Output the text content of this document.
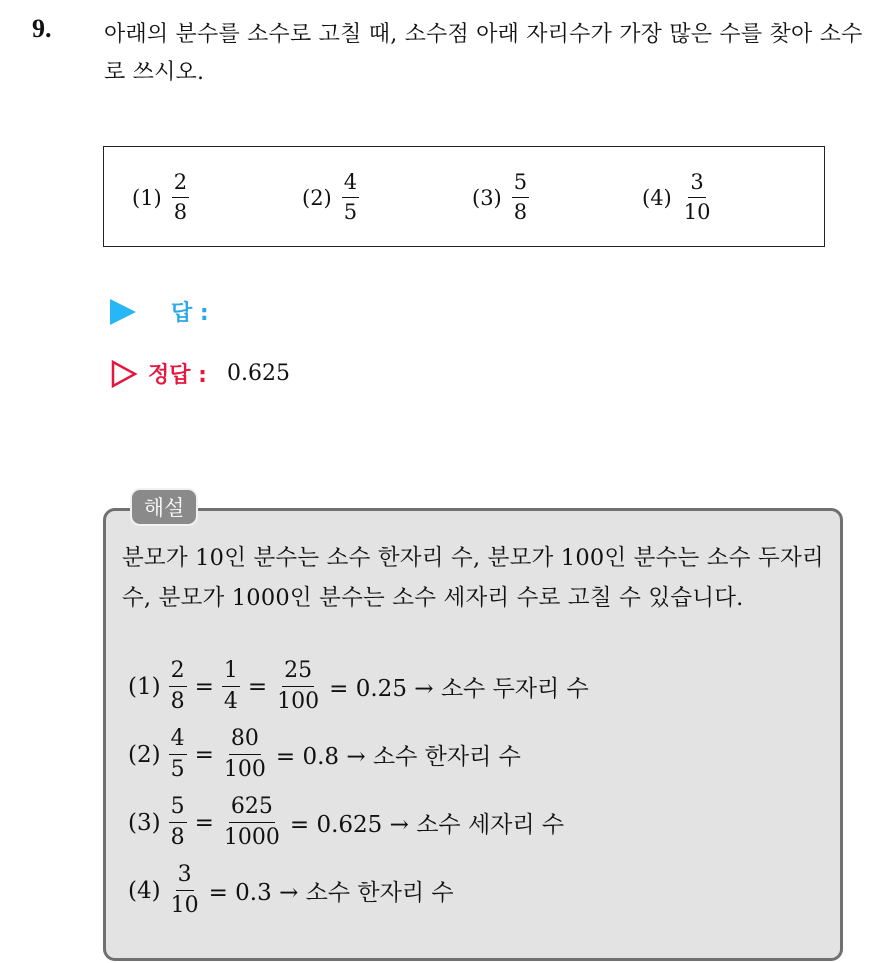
9. 아래의 분수를 소수로 고칠 때, 소수점 아래 자리수가 가장 많은 수를 찾아 소수로 쓰시오.
$(1) \frac{2}{8}$	$(2) \frac{4}{5}$	$(3) \frac{5}{8}$	$(4) \frac{3}{10}$
답 :
정답 : 0.625
해설
분모가 10인 분수는 소수 한자리 수, 분모가 100인 분수는 소수 두자리 수, 분모가 1000인 분수는 소수 세자리 수로 고칠 수 있습니다.
$(1) \frac{2}{8} = \frac{1}{4} = \frac{25}{100} = 0.25$ → 소수 두자리 수
$(2) \frac{4}{5} = \frac{80}{100} = 0.8$ → 소수 한자리 수
$(3) \frac{5}{8} = \frac{625}{1000} = 0.625$ → 소수 세자리 수
$(4) \frac{3}{10} = 0.3$ → 소수 한자리 수
